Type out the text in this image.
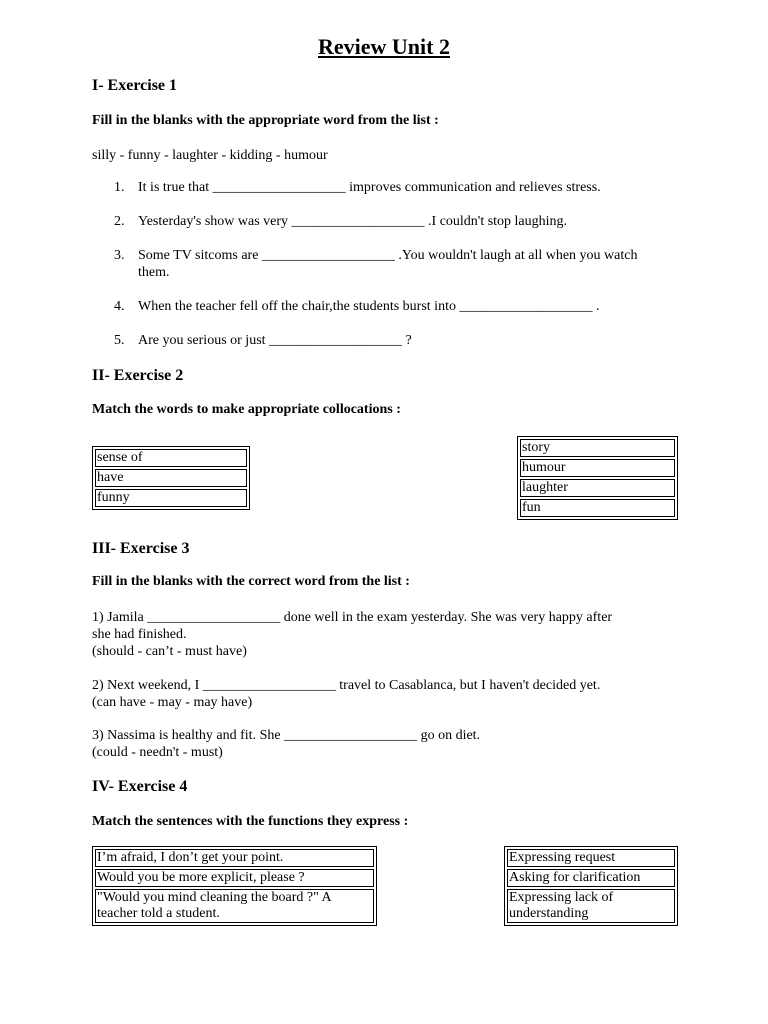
Review Unit 2
I- Exercise 1
Fill in the blanks with the appropriate word from the list :
silly - funny - laughter - kidding - humour
1. It is true that ___________________ improves communication and relieves stress.
2. Yesterday's show was very ___________________ .I couldn't stop laughing.
3. Some TV sitcoms are ___________________ .You wouldn't laugh at all when you watch them.
4. When the teacher fell off the chair,the students burst into ___________________ .
5. Are you serious or just ___________________ ?
II- Exercise 2
Match the words to make appropriate collocations :
sense of
have
funny
story
humour
laughter
fun
III- Exercise 3
Fill in the blanks with the correct word from the list :
1) Jamila ___________________ done well in the exam yesterday. She was very happy after
she had finished.
(should - can’t - must have)
2) Next weekend, I ___________________ travel to Casablanca, but I haven't decided yet.
(can have - may - may have)
3) Nassima is healthy and fit. She ___________________ go on diet.
(could - needn't - must)
IV- Exercise 4
Match the sentences with the functions they express :
I’m afraid, I don’t get your point.
Would you be more explicit, please ?
"Would you mind cleaning the board ?" A teacher told a student.
Expressing request
Asking for clarification
Expressing lack of understanding
